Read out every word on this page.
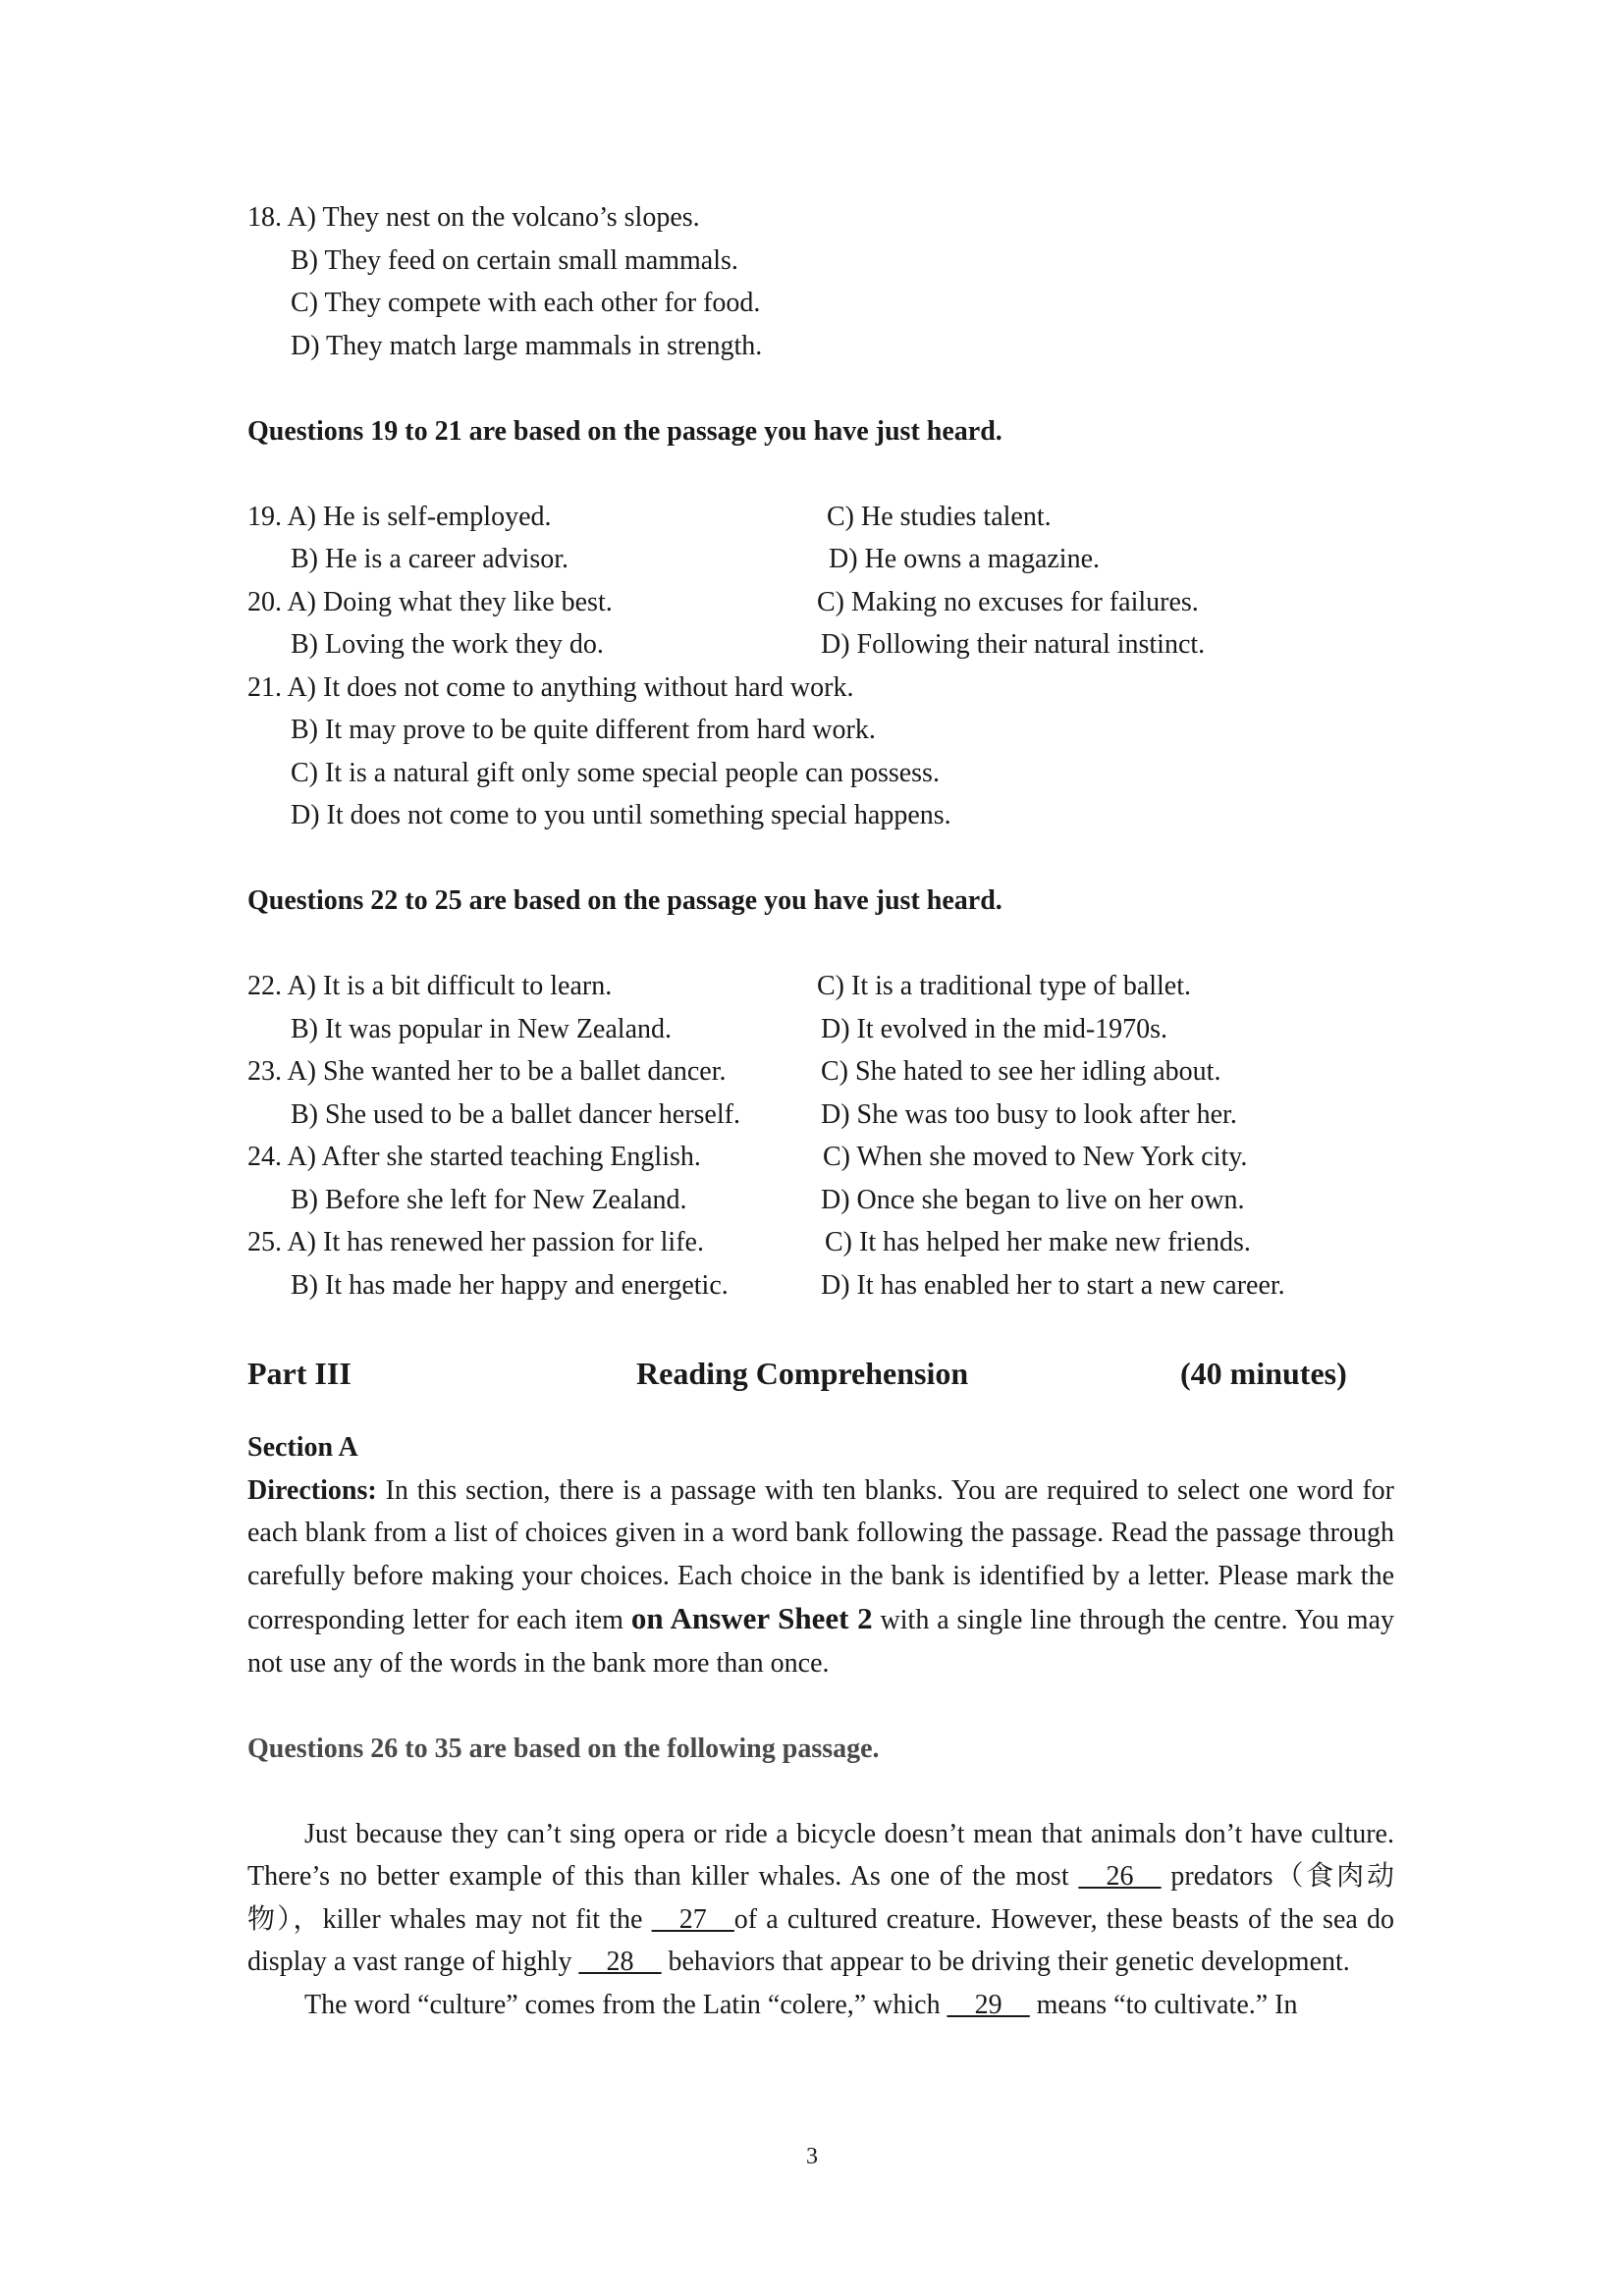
18. A) They nest on the volcano’s slopes.
B) They feed on certain small mammals.
C) They compete with each other for food.
D) They match large mammals in strength.
Questions 19 to 21 are based on the passage you have just heard.
19. A) He is self-employed.	C) He studies talent.
B) He is a career advisor.	D) He owns a magazine.
20. A) Doing what they like best.	C) Making no excuses for failures.
B) Loving the work they do.	D) Following their natural instinct.
21. A) It does not come to anything without hard work.
B) It may prove to be quite different from hard work.
C) It is a natural gift only some special people can possess.
D) It does not come to you until something special happens.
Questions 22 to 25 are based on the passage you have just heard.
22. A) It is a bit difficult to learn.	C) It is a traditional type of ballet.
B) It was popular in New Zealand.	D) It evolved in the mid-1970s.
23. A) She wanted her to be a ballet dancer.	C) She hated to see her idling about.
B) She used to be a ballet dancer herself.	D) She was too busy to look after her.
24. A) After she started teaching English.	C) When she moved to New York city.
B) Before she left for New Zealand.	D) Once she began to live on her own.
25. A) It has renewed her passion for life.	C) It has helped her make new friends.
B) It has made her happy and energetic.	D) It has enabled her to start a new career.
Part III	Reading Comprehension	(40 minutes)
Section A
Directions: In this section, there is a passage with ten blanks. You are required to select one word for each blank from a list of choices given in a word bank following the passage. Read the passage through carefully before making your choices. Each choice in the bank is identified by a letter. Please mark the corresponding letter for each item on Answer Sheet 2 with a single line through the centre. You may not use any of the words in the bank more than once.
Questions 26 to 35 are based on the following passage.
Just because they can’t sing opera or ride a bicycle doesn’t mean that animals don’t have culture. There’s no better example of this than killer whales. As one of the most __26__ predators（食肉动物），killer whales may not fit the __27__of a cultured creature. However, these beasts of the sea do display a vast range of highly __28__ behaviors that appear to be driving their genetic development.
The word “culture” comes from the Latin “colere,” which __29__ means “to cultivate.” In
3
